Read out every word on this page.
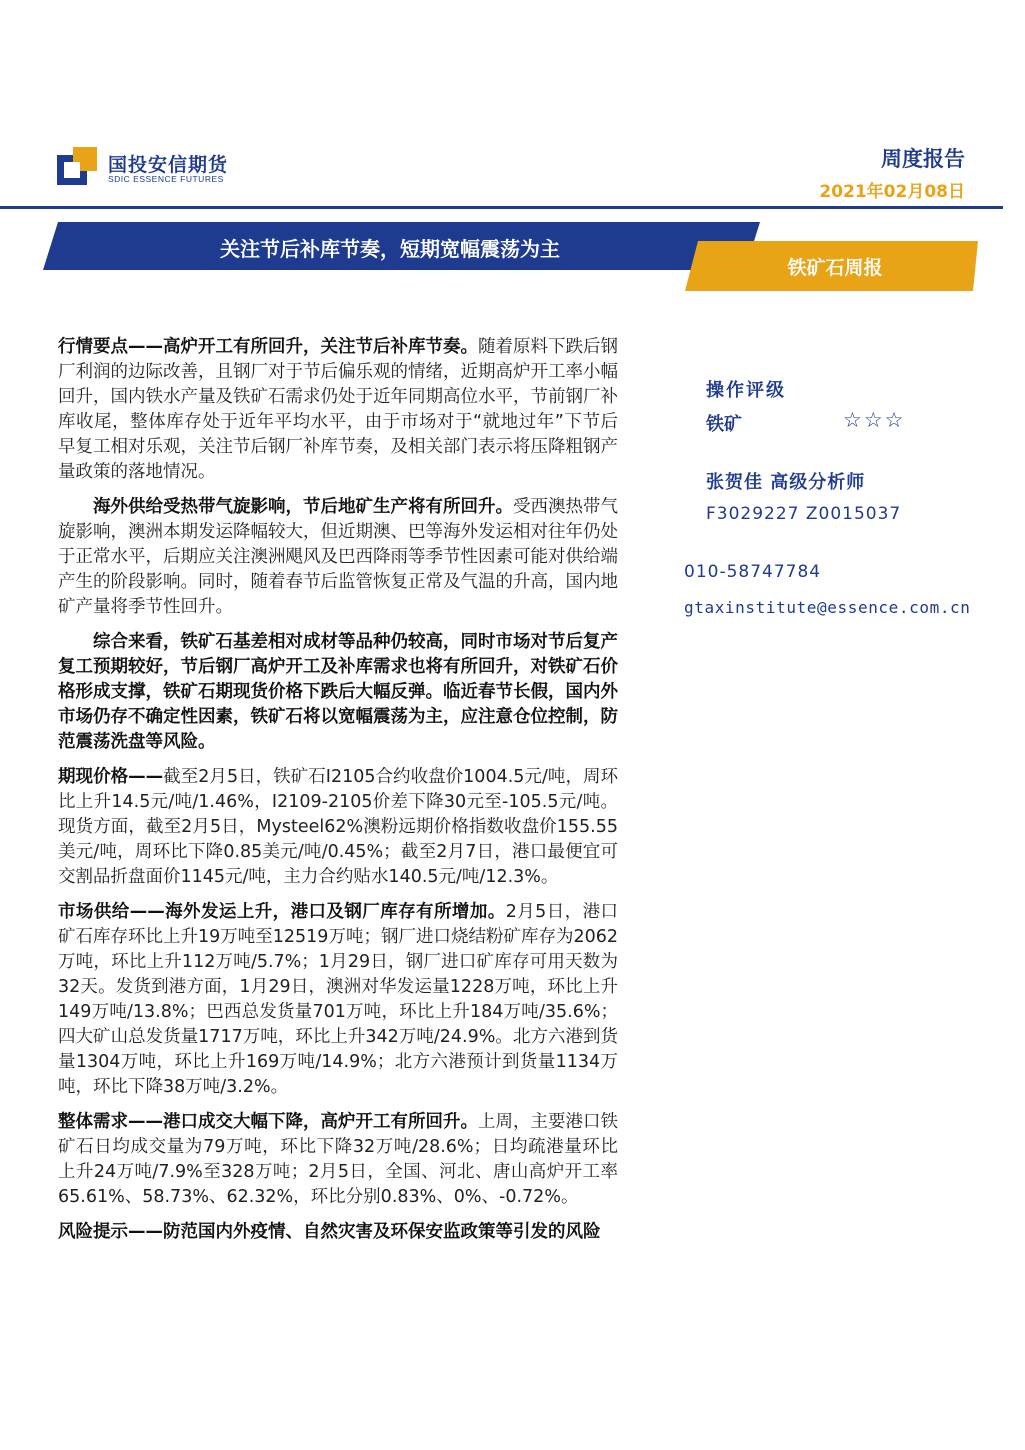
国投安信期货
SDIC ESSENCE FUTURES
周度报告
2021年02月08日
关注节后补库节奏，短期宽幅震荡为主
铁矿石周报

行情要点——高炉开工有所回升，关注节后补库节奏。随着原料下跌后钢厂利润的边际改善，且钢厂对于节后偏乐观的情绪，近期高炉开工率小幅回升，国内铁水产量及铁矿石需求仍处于近年同期高位水平，节前钢厂补库收尾，整体库存处于近年平均水平，由于市场对于“就地过年”下节后早复工相对乐观，关注节后钢厂补库节奏，及相关部门表示将压降粗钢产量政策的落地情况。

海外供给受热带气旋影响，节后地矿生产将有所回升。受西澳热带气旋影响，澳洲本期发运降幅较大，但近期澳、巴等海外发运相对往年仍处于正常水平，后期应关注澳洲飓风及巴西降雨等季节性因素可能对供给端产生的阶段影响。同时，随着春节后监管恢复正常及气温的升高，国内地矿产量将季节性回升。

综合来看，铁矿石基差相对成材等品种仍较高，同时市场对节后复产复工预期较好，节后钢厂高炉开工及补库需求也将有所回升，对铁矿石价格形成支撑，铁矿石期现货价格下跌后大幅反弹。临近春节长假，国内外市场仍存不确定性因素，铁矿石将以宽幅震荡为主，应注意仓位控制，防范震荡洗盘等风险。

期现价格——截至2月5日，铁矿石I2105合约收盘价1004.5元/吨，周环比上升14.5元/吨/1.46%，I2109-2105价差下降30元至-105.5元/吨。现货方面，截至2月5日，Mysteel62%澳粉远期价格指数收盘价155.55美元/吨，周环比下降0.85美元/吨/0.45%；截至2月7日，港口最便宜可交割品折盘面价1145元/吨，主力合约贴水140.5元/吨/12.3%。

市场供给——海外发运上升，港口及钢厂库存有所增加。2月5日，港口矿石库存环比上升19万吨至12519万吨；钢厂进口烧结粉矿库存为2062万吨，环比上升112万吨/5.7%；1月29日，钢厂进口矿库存可用天数为32天。发货到港方面，1月29日，澳洲对华发运量1228万吨，环比上升149万吨/13.8%；巴西总发货量701万吨，环比上升184万吨/35.6%；四大矿山总发货量1717万吨，环比上升342万吨/24.9%。北方六港到货量1304万吨，环比上升169万吨/14.9%；北方六港预计到货量1134万吨，环比下降38万吨/3.2%。

整体需求——港口成交大幅下降，高炉开工有所回升。上周，主要港口铁矿石日均成交量为79万吨，环比下降32万吨/28.6%；日均疏港量环比上升24万吨/7.9%至328万吨；2月5日，全国、河北、唐山高炉开工率65.61%、58.73%、62.32%，环比分别0.83%、0%、-0.72%。

风险提示——防范国内外疫情、自然灾害及环保安监政策等引发的风险

操作评级
铁矿	☆☆☆
张贺佳 高级分析师
F3029227 Z0015037
010-58747784
gtaxinstitute@essence.com.cn
